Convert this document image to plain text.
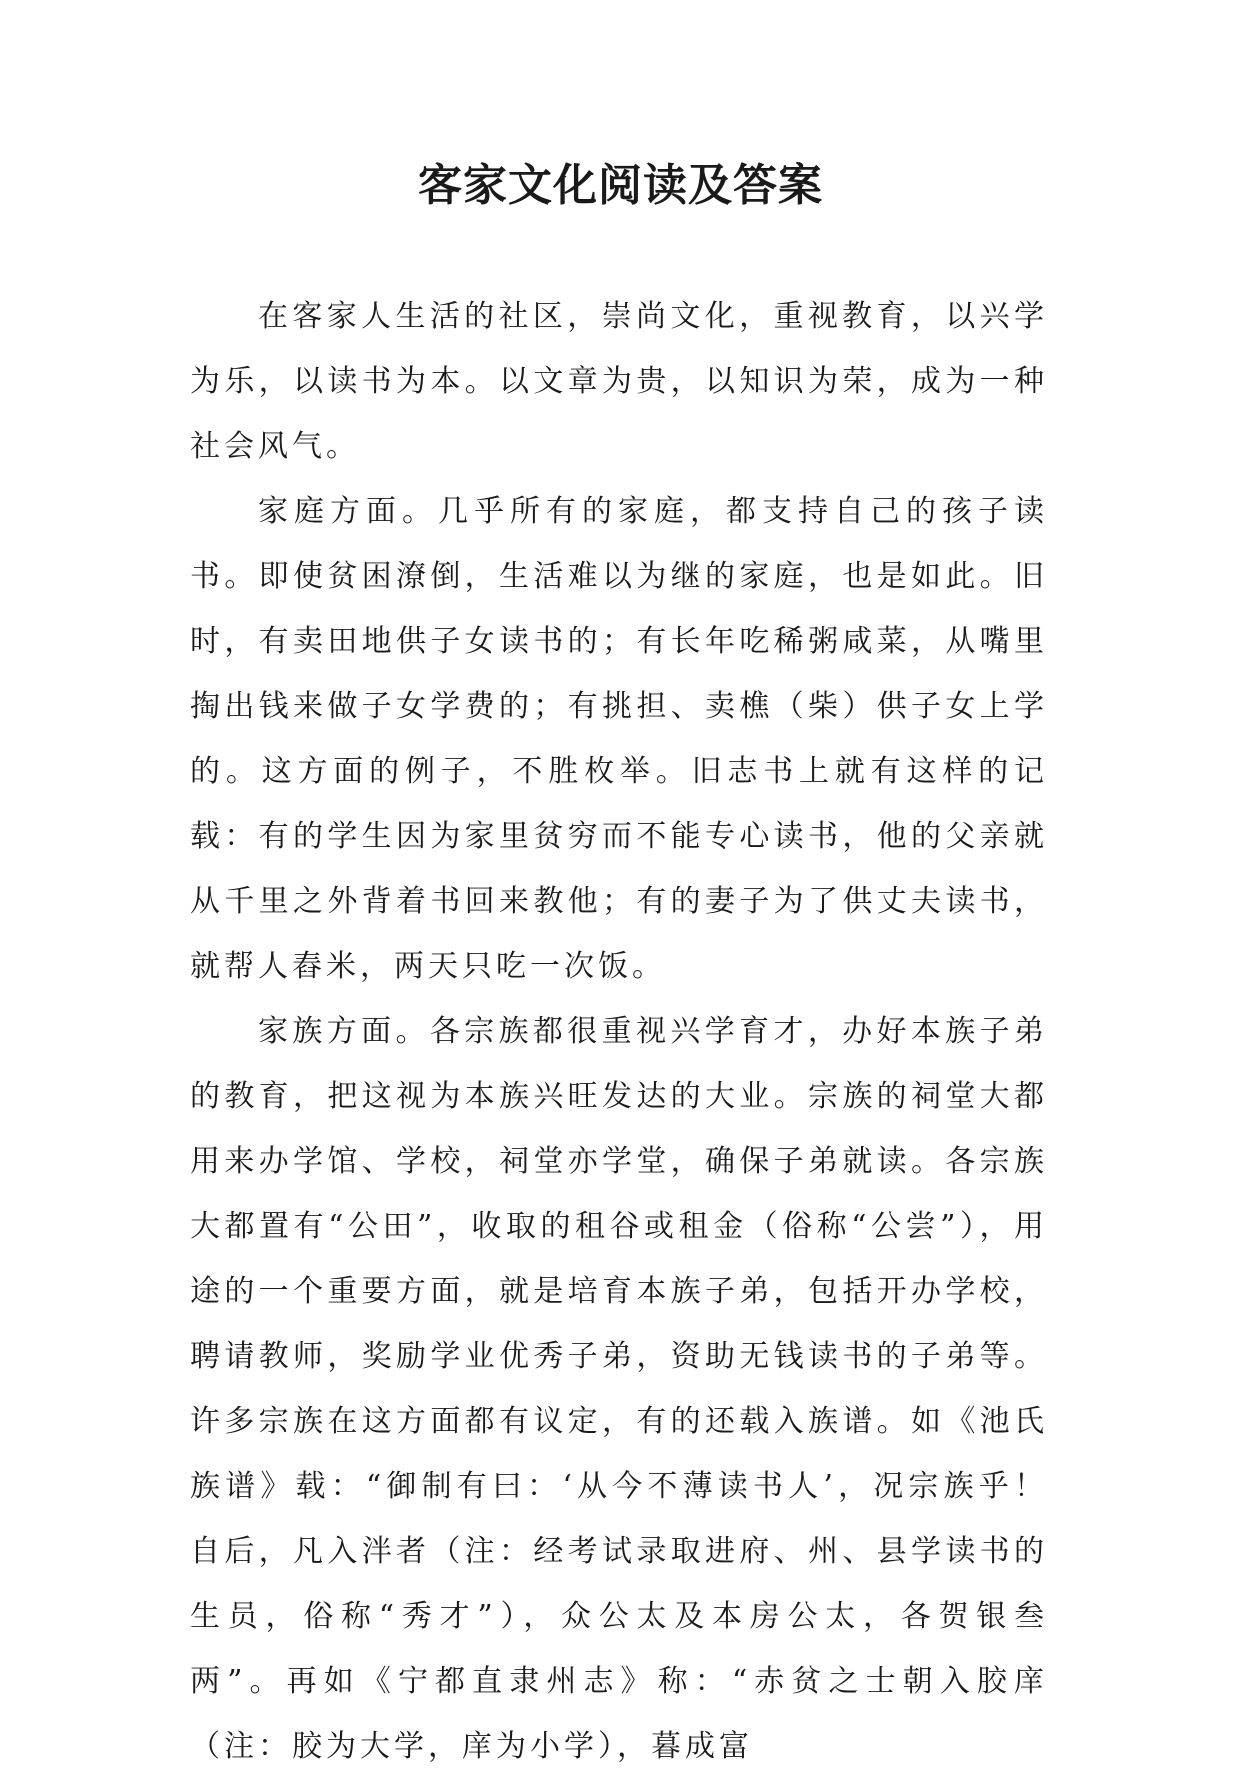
客家文化阅读及答案

在客家人生活的社区，崇尚文化，重视教育，以兴学为乐，以读书为本。以文章为贵，以知识为荣，成为一种社会风气。

家庭方面。几乎所有的家庭，都支持自己的孩子读书。即使贫困潦倒，生活难以为继的家庭，也是如此。旧时，有卖田地供子女读书的；有长年吃稀粥咸菜，从嘴里掏出钱来做子女学费的；有挑担、卖樵（柴）供子女上学的。这方面的例子，不胜枚举。旧志书上就有这样的记载：有的学生因为家里贫穷而不能专心读书，他的父亲就从千里之外背着书回来教他；有的妻子为了供丈夫读书，就帮人舂米，两天只吃一次饭。

家族方面。各宗族都很重视兴学育才，办好本族子弟的教育，把这视为本族兴旺发达的大业。宗族的祠堂大都用来办学馆、学校，祠堂亦学堂，确保子弟就读。各宗族大都置有“公田”，收取的租谷或租金（俗称“公尝”），用途的一个重要方面，就是培育本族子弟，包括开办学校，聘请教师，奖励学业优秀子弟，资助无钱读书的子弟等。许多宗族在这方面都有议定，有的还载入族谱。如《池氏族谱》载：“御制有曰：‘从今不薄读书人’，况宗族乎！自后，凡入泮者（注：经考试录取进府、州、县学读书的生员，俗称“秀才”），众公太及本房公太，各贺银叁两”。再如《宁都直隶州志》称：“赤贫之士朝入胶庠（注：胶为大学，庠为小学），暮成富
